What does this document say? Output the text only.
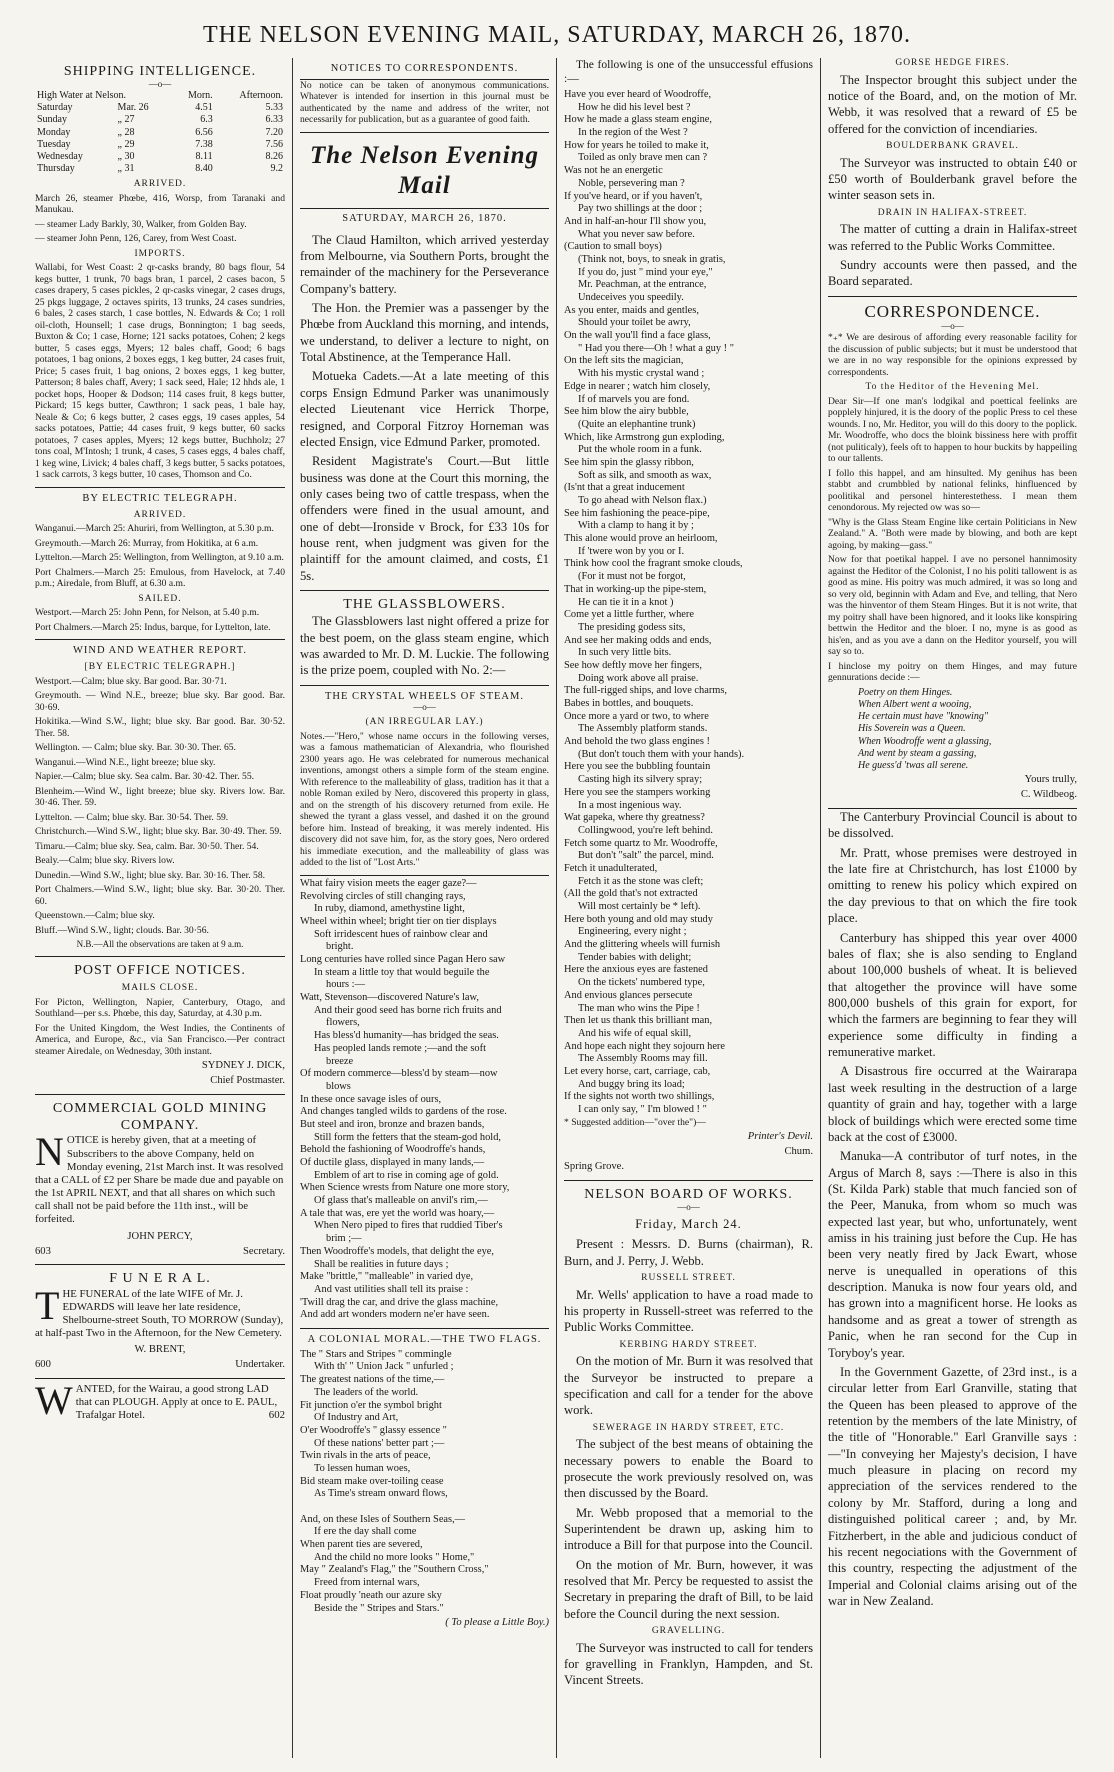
THE NELSON EVENING MAIL, SATURDAY, MARCH 26, 1870.
SHIPPING INTELLIGENCE.
—o—
High Water at Nelson.		Morn.	Afternoon.
Saturday	Mar. 26	4.51	5.33
Sunday	„ 27	6.3	6.33
Monday	„ 28	6.56	7.20
Tuesday	„ 29	7.38	7.56
Wednesday	„ 30	8.11	8.26
Thursday	„ 31	8.40	9.2
ARRIVED.

March 26, steamer Phœbe, 416, Worsp, from Taranaki and Manukau.

— steamer Lady Barkly, 30, Walker, from Golden Bay.

— steamer John Penn, 126, Carey, from West Coast.

IMPORTS.

Wallabi, for West Coast: 2 qr-casks brandy, 80 bags flour, 54 kegs butter, 1 trunk, 70 bags bran, 1 parcel, 2 cases bacon, 5 cases drapery, 5 cases pickles, 2 qr-casks vinegar, 2 cases drugs, 25 pkgs luggage, 2 octaves spirits, 13 trunks, 24 cases sundries, 6 bales, 2 cases starch, 1 case bottles, N. Edwards & Co; 1 roll oil-cloth, Hounsell; 1 case drugs, Bonnington; 1 bag seeds, Buxton & Co; 1 case, Horne; 121 sacks potatoes, Cohen; 2 kegs butter, 5 cases eggs, Myers; 12 bales chaff, Good; 6 bags potatoes, 1 bag onions, 2 boxes eggs, 1 keg butter, 24 cases fruit, Price; 5 cases fruit, 1 bag onions, 2 boxes eggs, 1 keg butter, Patterson; 8 bales chaff, Avery; 1 sack seed, Hale; 12 hhds ale, 1 pocket hops, Hooper & Dodson; 114 cases fruit, 8 kegs butter, Pickard; 15 kegs butter, Cawthron; 1 sack peas, 1 bale hay, Neale & Co; 6 kegs butter, 2 cases eggs, 19 cases apples, 54 sacks potatoes, Pattie; 44 cases fruit, 9 kegs butter, 60 sacks potatoes, 7 cases apples, Myers; 12 kegs butter, Buchholz; 27 tons coal, M'Intosh; 1 trunk, 4 cases, 5 cases eggs, 4 bales chaff, 1 keg wine, Livick; 4 bales chaff, 3 kegs butter, 5 sacks potatoes, 1 sack carrots, 3 kegs butter, 10 cases, Thomson and Co.

BY ELECTRIC TELEGRAPH.
ARRIVED.

Wanganui.—March 25: Ahuriri, from Wellington, at 5.30 p.m.

Greymouth.—March 26: Murray, from Hokitika, at 6 a.m.

Lyttelton.—March 25: Wellington, from Wellington, at 9.10 a.m.

Port Chalmers.—March 25: Emulous, from Havelock, at 7.40 p.m.; Airedale, from Bluff, at 6.30 a.m.

SAILED.

Westport.—March 25: John Penn, for Nelson, at 5.40 p.m.

Port Chalmers.—March 25: Indus, barque, for Lyttelton, late.

WIND AND WEATHER REPORT.
[BY ELECTRIC TELEGRAPH.]

Westport.—Calm; blue sky. Bar good. Bar. 30·71.

Greymouth. — Wind N.E., breeze; blue sky. Bar good. Bar. 30·69.

Hokitika.—Wind S.W., light; blue sky. Bar good. Bar. 30·52. Ther. 58.

Wellington. — Calm; blue sky. Bar. 30·30. Ther. 65.

Wanganui.—Wind N.E., light breeze; blue sky.

Napier.—Calm; blue sky. Sea calm. Bar. 30·42. Ther. 55.

Blenheim.—Wind W., light breeze; blue sky. Rivers low. Bar. 30·46. Ther. 59.

Lyttelton. — Calm; blue sky. Bar. 30·54. Ther. 59.

Christchurch.—Wind S.W., light; blue sky. Bar. 30·49. Ther. 59.

Timaru.—Calm; blue sky. Sea, calm. Bar. 30·50. Ther. 54.

Bealy.—Calm; blue sky. Rivers low.

Dunedin.—Wind S.W., light; blue sky. Bar. 30·16. Ther. 58.

Port Chalmers.—Wind S.W., light; blue sky. Bar. 30·20. Ther. 60.

Queenstown.—Calm; blue sky.

Bluff.—Wind S.W., light; clouds. Bar. 30·56.

N.B.—All the observations are taken at 9 a.m.
POST OFFICE NOTICES.
MAILS CLOSE.

For Picton, Wellington, Napier, Canterbury, Otago, and Southland—per s.s. Phœbe, this day, Saturday, at 4.30 p.m.

For the United Kingdom, the West Indies, the Continents of America, and Europe, &c., via San Francisco.—Per contract steamer Airedale, on Wednesday, 30th instant.

SYDNEY J. DICK,
Chief Postmaster.
COMMERCIAL GOLD MINING COMPANY.
N OTICE is hereby given, that at a meeting of Subscribers to the above Company, held on Monday evening, 21st March inst. It was resolved that a CALL of £2 per Share be made due and payable on the 1st APRIL NEXT, and that all shares on which such call shall not be paid before the 11th inst., will be forfeited.
JOHN PERCY,
603	Secretary.
F U N E R A L.
T HE FUNERAL of the late WIFE of Mr. J. EDWARDS will leave her late residence, Shelbourne-street South, TO MORROW (Sunday), at half-past Two in the Afternoon, for the New Cemetery.
W. BRENT,
600	Undertaker.
W ANTED, for the Wairau, a good strong LAD that can PLOUGH. Apply at once to E. PAUL, Trafalgar Hotel.	602
NOTICES TO CORRESPONDENTS.

No notice can be taken of anonymous communications. Whatever is intended for insertion in this journal must be authenticated by the name and address of the writer, not necessarily for publication, but as a guarantee of good faith.

The Nelson Evening Mail
SATURDAY, MARCH 26, 1870.

The Claud Hamilton, which arrived yesterday from Melbourne, via Southern Ports, brought the remainder of the machinery for the Perseverance Company's battery.

The Hon. the Premier was a passenger by the Phœbe from Auckland this morning, and intends, we understand, to deliver a lecture to night, on Total Abstinence, at the Temperance Hall.

Motueka Cadets.—At a late meeting of this corps Ensign Edmund Parker was unanimously elected Lieutenant vice Herrick Thorpe, resigned, and Corporal Fitzroy Horneman was elected Ensign, vice Edmund Parker, promoted.

Resident Magistrate's Court.—But little business was done at the Court this morning, the only cases being two of cattle trespass, when the offenders were fined in the usual amount, and one of debt—Ironside v Brock, for £33 10s for house rent, when judgment was given for the plaintiff for the amount claimed, and costs, £1 5s.

THE GLASSBLOWERS.

The Glassblowers last night offered a prize for the best poem, on the glass steam engine, which was awarded to Mr. D. M. Luckie. The following is the prize poem, coupled with No. 2:—

THE CRYSTAL WHEELS OF STEAM.
—o—
(AN IRREGULAR LAY.)

Notes.—"Hero," whose name occurs in the following verses, was a famous mathematician of Alexandria, who flourished 2300 years ago. He was celebrated for numerous mechanical inventions, amongst others a simple form of the steam engine. With reference to the malleability of glass, tradition has it that a noble Roman exiled by Nero, discovered this property in glass, and on the strength of his discovery returned from exile. He shewed the tyrant a glass vessel, and dashed it on the ground before him. Instead of breaking, it was merely indented. His discovery did not save him, for, as the story goes, Nero ordered his immediate execution, and the malleability of glass was added to the list of "Lost Arts."

What fairy vision meets the eager gaze?—
Revolving circles of still changing rays,
In ruby, diamond, amethystine light,
Wheel within wheel; bright tier on tier displays
Soft irridescent hues of rainbow clear and
bright.
Long centuries have rolled since Pagan Hero saw
In steam a little toy that would beguile the
hours :—
Watt, Stevenson—discovered Nature's law,
And their good seed has borne rich fruits and
flowers,
Has bless'd humanity—has bridged the seas.
Has peopled lands remote ;—and the soft
breeze
Of modern commerce—bless'd by steam—now
blows
In these once savage isles of ours,
And changes tangled wilds to gardens of the rose.
But steel and iron, bronze and brazen bands,
Still form the fetters that the steam-god hold,
Behold the fashioning of Woodroffe's hands,
Of ductile glass, displayed in many lands,—
Emblem of art to rise in coming age of gold.
When Science wrests from Nature one more story,
Of glass that's malleable on anvil's rim,—
A tale that was, ere yet the world was hoary,—
When Nero piped to fires that ruddied Tiber's
brim ;—
Then Woodroffe's models, that delight the eye,
Shall be realities in future days ;
Make "brittle," "malleable" in varied dye,
And vast utilities shall tell its praise :
'Twill drag the car, and drive the glass machine,
And add art wonders modern ne'er have seen.
A COLONIAL MORAL.—THE TWO FLAGS.
The " Stars and Stripes " commingle
With th' " Union Jack " unfurled ;
The greatest nations of the time,—
The leaders of the world.
Fit junction o'er the symbol bright
Of Industry and Art,
O'er Woodroffe's " glassy essence "
Of these nations' better part ;—
Twin rivals in the arts of peace,
To lessen human woes,
Bid steam make over-toiling cease
As Time's stream onward flows,

And, on these Isles of Southern Seas,—
If ere the day shall come
When parent ties are severed,
And the child no more looks " Home,"
May " Zealand's Flag," the "Southern Cross,"
Freed from internal wars,
Float proudly 'neath our azure sky
Beside the " Stripes and Stars."
( To please a Little Boy.)

The following is one of the unsuccessful effusions :—

Have you ever heard of Woodroffe,
How he did his level best ?
How he made a glass steam engine,
In the region of the West ?
How for years he toiled to make it,
Toiled as only brave men can ?
Was not he an energetic
Noble, persevering man ?
If you've heard, or if you haven't,
Pay two shillings at the door ;
And in half-an-hour I'll show you,
What you never saw before.
(Caution to small boys)
(Think not, boys, to sneak in gratis,
If you do, just " mind your eye,"
Mr. Peachman, at the entrance,
Undeceives you speedily.
As you enter, maids and gentles,
Should your toilet be awry,
On the wall you'll find a face glass,
" Had you there—Oh ! what a guy ! "
On the left sits the magician,
With his mystic crystal wand ;
Edge in nearer ; watch him closely,
If of marvels you are fond.
See him blow the airy bubble,
(Quite an elephantine trunk)
Which, like Armstrong gun exploding,
Put the whole room in a funk.
See him spin the glassy ribbon,
Soft as silk, and smooth as wax,
(Is'nt that a great inducement
To go ahead with Nelson flax.)
See him fashioning the peace-pipe,
With a clamp to hang it by ;
This alone would prove an heirloom,
If 'twere won by you or I.
Think how cool the fragrant smoke clouds,
(For it must not be forgot,
That in working-up the pipe-stem,
He can tie it in a knot )
Come yet a little further, where
The presiding godess sits,
And see her making odds and ends,
In such very little bits.
See how deftly move her fingers,
Doing work above all praise.
The full-rigged ships, and love charms,
Babes in bottles, and bouquets.
Once more a yard or two, to where
The Assembly platform stands.
And behold the two glass engines !
(But don't touch them with your hands).
Here you see the bubbling fountain
Casting high its silvery spray;
Here you see the stampers working
In a most ingenious way.
Wat gapeka, where thy greatness?
Collingwood, you're left behind.
Fetch some quartz to Mr. Woodroffe,
But don't "salt" the parcel, mind.
Fetch it unadulterated,
Fetch it as the stone was cleft;
(All the gold that's not extracted
Will most certainly be * left).
Here both young and old may study
Engineering, every night ;
And the glittering wheels will furnish
Tender babies with delight;
Here the anxious eyes are fastened
On the tickets' numbered type,
And envious glances persecute
The man who wins the Pipe !
Then let us thank this brilliant man,
And his wife of equal skill,
And hope each night they sojourn here
The Assembly Rooms may fill.
Let every horse, cart, carriage, cab,
And buggy bring its load;
If the sights not worth two shillings,
I can only say, " I'm blowed ! "

* Suggested addition—"over the")—

Printer's Devil.
Chum.
Spring Grove.
NELSON BOARD OF WORKS.
—o—
Friday, March 24.

Present : Messrs. D. Burns (chairman), R. Burn, and J. Perry, J. Webb.

RUSSELL STREET.

Mr. Wells' application to have a road made to his property in Russell-street was referred to the Public Works Committee.

KERBING HARDY STREET.

On the motion of Mr. Burn it was resolved that the Surveyor be instructed to prepare a specification and call for a tender for the above work.

SEWERAGE IN HARDY STREET, ETC.

The subject of the best means of obtaining the necessary powers to enable the Board to prosecute the work previously resolved on, was then discussed by the Board.

Mr. Webb proposed that a memorial to the Superintendent be drawn up, asking him to introduce a Bill for that purpose into the Council.

On the motion of Mr. Burn, however, it was resolved that Mr. Percy be requested to assist the Secretary in preparing the draft of Bill, to be laid before the Council during the next session.

GRAVELLING.

The Surveyor was instructed to call for tenders for gravelling in Franklyn, Hampden, and St. Vincent Streets.

GORSE HEDGE FIRES.

The Inspector brought this subject under the notice of the Board, and, on the motion of Mr. Webb, it was resolved that a reward of £5 be offered for the conviction of incendiaries.

BOULDERBANK GRAVEL.

The Surveyor was instructed to obtain £40 or £50 worth of Boulderbank gravel before the winter season sets in.

DRAIN IN HALIFAX-STREET.

The matter of cutting a drain in Halifax-street was referred to the Public Works Committee.

Sundry accounts were then passed, and the Board separated.

CORRESPONDENCE.
—o—

*₊* We are desirous of affording every reasonable facility for the discussion of public subjects; but it must be understood that we are in no way responsible for the opinions expressed by correspondents.

To the Heditor of the Hevening Mel.

Dear Sir—If one man's lodgikal and poettical feelinks are popplely hinjured, it is the doory of the poplic Press to cel these wounds. I no, Mr. Heditor, you will do this doory to the poplick. Mr. Woodroffe, who docs the bloink bissiness here with proffit (not puliticaly), feels oft to happen to hour buckits by happeiling to our tallents.

I follo this happel, and am hinsulted. My genihus has been stabbt and crumbbled by national felinks, hinfluenced by poolitikal and personel hinterestethess. I mean them cenondorous. My rejected ow was so—

"Why is the Glass Steam Engine like certain Politicians in New Zealand." A. "Both were made by blowing, and both are kept agoing, by making—gass."

Now for that poetikal happel. I ave no personel hannimosity against the Heditor of the Colonist, I no his politi tallowent is as good as mine. His poitry was much admired, it was so long and so very old, beginnin with Adam and Eve, and telling, that Nero was the hinventor of them Steam Hinges. But it is not write, that my poitry shall have been hignored, and it looks like konspiring bettwin the Heditor and the bloer. I no, myne is as good as his'en, and as you ave a dann on the Heditor yourself, you will say so to.

I hinclose my poitry on them Hinges, and may future gennurations decide :—

Poetry on them Hinges.
When Albert went a wooing,
He certain must have "knowing"
His Soverein was a Queen.
When Woodroffe went a glassing,
And went by steam a gassing,
He guess'd 'twas all serene.
Yours trully,
C. Wildbeog.

The Canterbury Provincial Council is about to be dissolved.

Mr. Pratt, whose premises were destroyed in the late fire at Christchurch, has lost £1000 by omitting to renew his policy which expired on the day previous to that on which the fire took place.

Canterbury has shipped this year over 4000 bales of flax; she is also sending to England about 100,000 bushels of wheat. It is believed that altogether the province will have some 800,000 bushels of this grain for export, for which the farmers are beginning to fear they will experience some difficulty in finding a remunerative market.

A Disastrous fire occurred at the Wairarapa last week resulting in the destruction of a large quantity of grain and hay, together with a large block of buildings which were erected some time back at the cost of £3000.

Manuka—A contributor of turf notes, in the Argus of March 8, says :—There is also in this (St. Kilda Park) stable that much fancied son of the Peer, Manuka, from whom so much was expected last year, but who, unfortunately, went amiss in his training just before the Cup. He has been very neatly fired by Jack Ewart, whose nerve is unequalled in operations of this description. Manuka is now four years old, and has grown into a magnificent horse. He looks as handsome and as great a tower of strength as Panic, when he ran second for the Cup in Toryboy's year.

In the Government Gazette, of 23rd inst., is a circular letter from Earl Granville, stating that the Queen has been pleased to approve of the retention by the members of the late Ministry, of the title of "Honorable." Earl Granville says :—"In conveying her Majesty's decision, I have much pleasure in placing on record my appreciation of the services rendered to the colony by Mr. Stafford, during a long and distinguished political career ; and, by Mr. Fitzherbert, in the able and judicious conduct of his recent negociations with the Government of this country, respecting the adjustment of the Imperial and Colonial claims arising out of the war in New Zealand.
